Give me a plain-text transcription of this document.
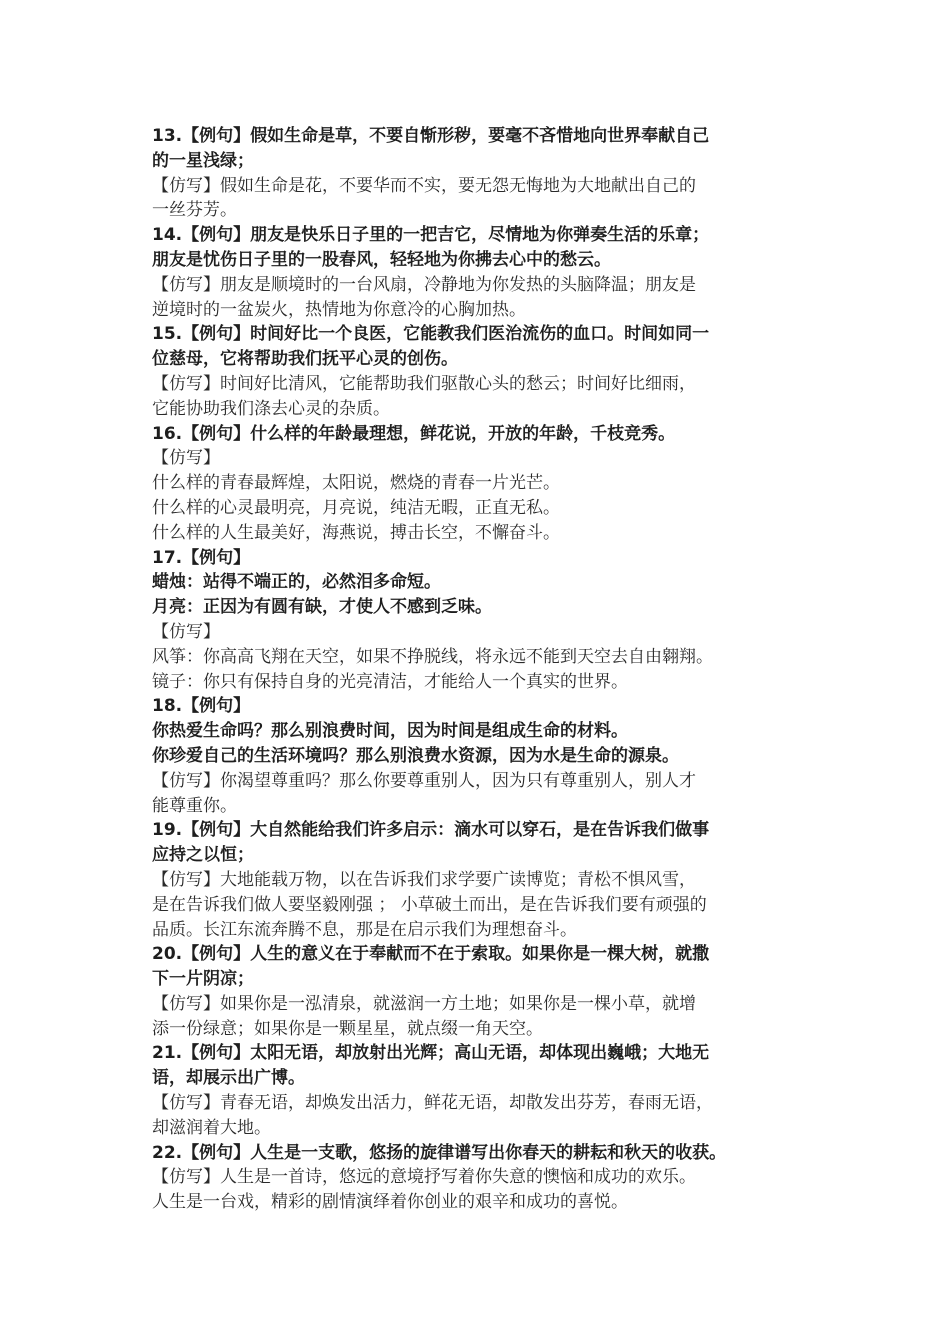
13.【例句】假如生命是草，不要自惭形秽，要毫不吝惜地向世界奉献自己
的一星浅绿；
【仿写】假如生命是花，不要华而不实，要无怨无悔地为大地献出自己的
一丝芬芳。
14.【例句】朋友是快乐日子里的一把吉它，尽情地为你弹奏生活的乐章；
朋友是忧伤日子里的一股春风，轻轻地为你拂去心中的愁云。
【仿写】朋友是顺境时的一台风扇，冷静地为你发热的头脑降温；朋友是
逆境时的一盆炭火，热情地为你意冷的心胸加热。
15.【例句】时间好比一个良医，它能教我们医治流伤的血口。时间如同一
位慈母，它将帮助我们抚平心灵的创伤。
【仿写】时间好比清风，它能帮助我们驱散心头的愁云；时间好比细雨，
它能协助我们涤去心灵的杂质。
16.【例句】什么样的年龄最理想，鲜花说，开放的年龄，千枝竞秀。
【仿写】
什么样的青春最辉煌，太阳说，燃烧的青春一片光芒。
什么样的心灵最明亮，月亮说，纯洁无暇，正直无私。
什么样的人生最美好，海燕说，搏击长空，不懈奋斗。
17.【例句】
蜡烛：站得不端正的，必然泪多命短。
月亮：正因为有圆有缺，才使人不感到乏味。
【仿写】
风筝：你高高飞翔在天空，如果不挣脱线，将永远不能到天空去自由翱翔。
镜子：你只有保持自身的光亮清洁，才能给人一个真实的世界。
18.【例句】
你热爱生命吗？那么别浪费时间，因为时间是组成生命的材料。
你珍爱自己的生活环境吗？那么别浪费水资源，因为水是生命的源泉。
【仿写】你渴望尊重吗？那么你要尊重别人，因为只有尊重别人，别人才
能尊重你。
19.【例句】大自然能给我们许多启示：滴水可以穿石，是在告诉我们做事
应持之以恒；
【仿写】大地能载万物，以在告诉我们求学要广读博览；青松不惧风雪，
是在告诉我们做人要坚毅刚强 ； 小草破土而出，是在告诉我们要有顽强的
品质。长江东流奔腾不息，那是在启示我们为理想奋斗。
20.【例句】人生的意义在于奉献而不在于索取。如果你是一棵大树，就撒
下一片阴凉；
【仿写】如果你是一泓清泉，就滋润一方土地；如果你是一棵小草，就增
添一份绿意；如果你是一颗星星，就点缀一角天空。
21.【例句】太阳无语，却放射出光辉；高山无语，却体现出巍峨；大地无
语，却展示出广博。
【仿写】青春无语，却焕发出活力，鲜花无语，却散发出芬芳，春雨无语，
却滋润着大地。
22.【例句】人生是一支歌，悠扬的旋律谱写出你春天的耕耘和秋天的收获。
【仿写】人生是一首诗，悠远的意境抒写着你失意的懊恼和成功的欢乐。
人生是一台戏，精彩的剧情演绎着你创业的艰辛和成功的喜悦。
